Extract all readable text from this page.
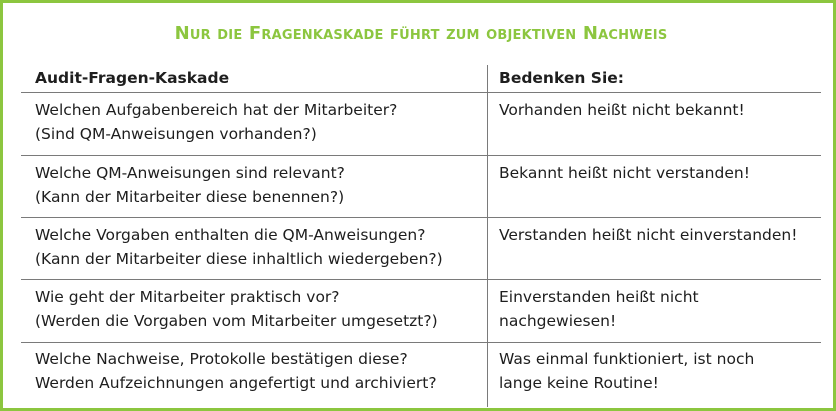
Nur die Fragenkaskade führt zum objektiven Nachweis
Audit-Fragen-Kaskade	Bedenken Sie:
Welchen Aufgabenbereich hat der Mitarbeiter?
(Sind QM-Anweisungen vorhanden?)
Vorhanden heißt nicht bekannt!
Welche QM-Anweisungen sind relevant?
(Kann der Mitarbeiter diese benennen?)
Bekannt heißt nicht verstanden!
Welche Vorgaben enthalten die QM-Anweisungen?
(Kann der Mitarbeiter diese inhaltlich wiedergeben?)
Verstanden heißt nicht einverstanden!
Wie geht der Mitarbeiter praktisch vor?
(Werden die Vorgaben vom Mitarbeiter umgesetzt?)
Einverstanden heißt nicht
nachgewiesen!
Welche Nachweise, Protokolle bestätigen diese?
Werden Aufzeichnungen angefertigt und archiviert?
Was einmal funktioniert, ist noch
lange keine Routine!
